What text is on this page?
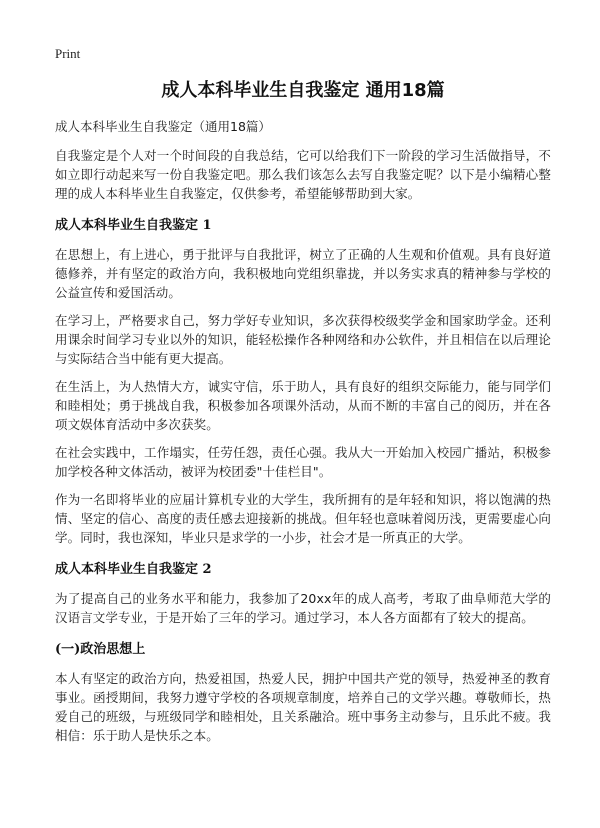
Print
成人本科毕业生自我鉴定 通用18篇
成人本科毕业生自我鉴定（通用18篇）

自我鉴定是个人对一个时间段的自我总结，它可以给我们下一阶段的学习生活做指导，不如立即行动起来写一份自我鉴定吧。那么我们该怎么去写自我鉴定呢？以下是小编精心整理的成人本科毕业生自我鉴定，仅供参考，希望能够帮助到大家。

成人本科毕业生自我鉴定 1

在思想上，有上进心，勇于批评与自我批评，树立了正确的人生观和价值观。具有良好道德修养，并有坚定的政治方向，我积极地向党组织靠拢，并以务实求真的精神参与学校的公益宣传和爱国活动。

在学习上，严格要求自己，努力学好专业知识，多次获得校级奖学金和国家助学金。还利用课余时间学习专业以外的知识，能轻松操作各种网络和办公软件，并且相信在以后理论与实际结合当中能有更大提高。

在生活上，为人热情大方，诚实守信，乐于助人，具有良好的组织交际能力，能与同学们和睦相处；勇于挑战自我，积极参加各项课外活动，从而不断的丰富自己的阅历，并在各项文娱体育活动中多次获奖。

在社会实践中，工作塌实，任劳任怨，责任心强。我从大一开始加入校园广播站，积极参加学校各种文体活动，被评为校团委"十佳栏目"。

作为一名即将毕业的应届计算机专业的大学生，我所拥有的是年轻和知识，将以饱满的热情、坚定的信心、高度的责任感去迎接新的挑战。但年轻也意味着阅历浅，更需要虚心向学。同时，我也深知，毕业只是求学的一小步，社会才是一所真正的大学。

成人本科毕业生自我鉴定 2

为了提高自己的业务水平和能力，我参加了20xx年的成人高考，考取了曲阜师范大学的汉语言文学专业，于是开始了三年的学习。通过学习，本人各方面都有了较大的提高。

(一)政治思想上

本人有坚定的政治方向，热爱祖国，热爱人民，拥护中国共产党的领导，热爱神圣的教育事业。函授期间，我努力遵守学校的各项规章制度，培养自己的文学兴趣。尊敬师长，热爱自己的班级，与班级同学和睦相处，且关系融洽。班中事务主动参与，且乐此不疲。我相信：乐于助人是快乐之本。
